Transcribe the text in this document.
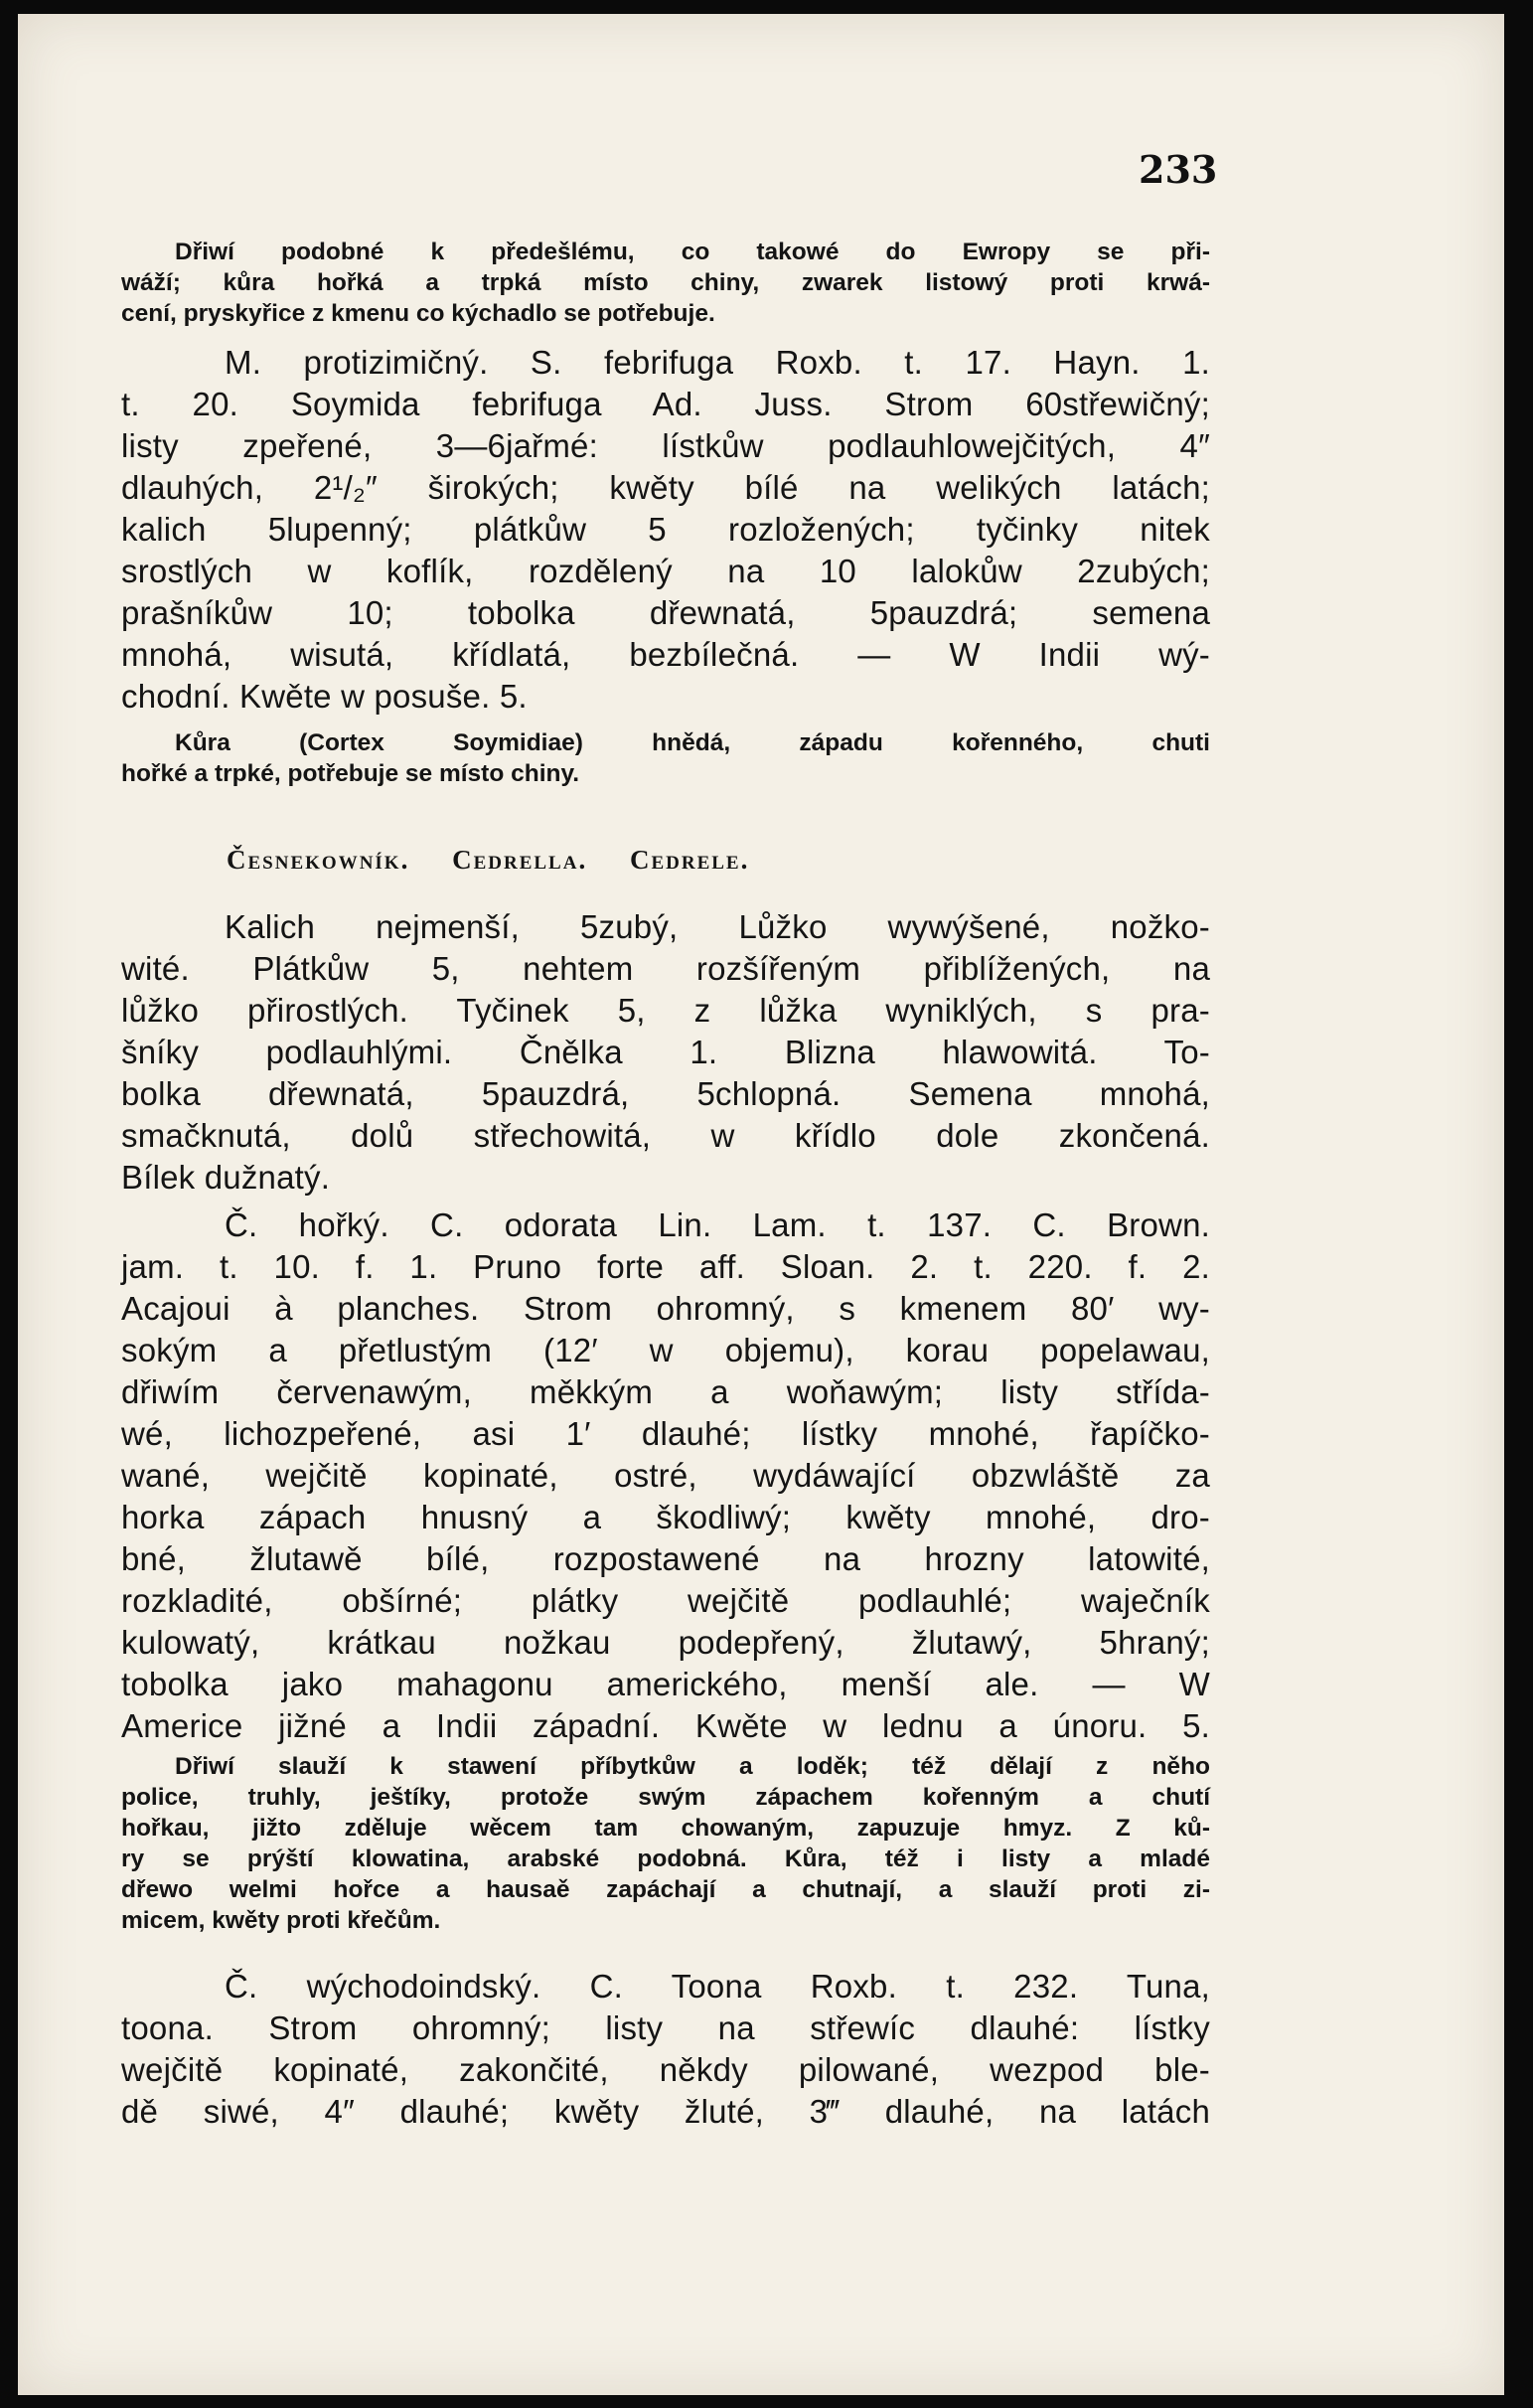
233
Dřiwí podobné k předešlému, co takowé do Ewropy se při-
wáží; kůra hořká a trpká místo chiny, zwarek listowý proti krwá-
cení, pryskyřice z kmenu co kýchadlo se potřebuje.
M. protizimičný. S. febrifuga Roxb. t. 17. Hayn. 1.
t. 20. Soymida febrifuga Ad. Juss. Strom 60střewičný;
listy zpeřené, 3—6jařmé: lístkůw podlauhlowejčitých, 4″
dlauhých, 2¹/₂″ širokých; kwěty bílé na welikých latách;
kalich 5lupenný; plátkůw 5 rozložených; tyčinky nitek
srostlých w koflík, rozdělený na 10 lalokůw 2zubých;
prašníkůw 10; tobolka dřewnatá, 5pauzdrá; semena
mnohá, wisutá, křídlatá, bezbílečná. — W Indii wý-
chodní. Kwěte w posuše. 5.
Kůra (Cortex Soymidiae) hnědá, západu kořenného, chuti
hořké a trpké, potřebuje se místo chiny.
Česnekowník. Cedrella. Cedrele.
Kalich nejmenší, 5zubý, Lůžko wywýšené, nožko-
wité. Plátkůw 5, nehtem rozšířeným přiblížených, na
lůžko přirostlých. Tyčinek 5, z lůžka wyniklých, s pra-
šníky podlauhlými. Čnělka 1. Blizna hlawowitá. To-
bolka dřewnatá, 5pauzdrá, 5chlopná. Semena mnohá,
smačknutá, dolů střechowitá, w křídlo dole zkončená.
Bílek dužnatý.
Č. hořký. C. odorata Lin. Lam. t. 137. C. Brown.
jam. t. 10. f. 1. Pruno forte aff. Sloan. 2. t. 220. f. 2.
Acajoui à planches. Strom ohromný, s kmenem 80′ wy-
sokým a přetlustým (12′ w objemu), korau popelawau,
dřiwím červenawým, měkkým a woňawým; listy střída-
wé, lichozpeřené, asi 1′ dlauhé; lístky mnohé, řapíčko-
wané, wejčitě kopinaté, ostré, wydáwající obzwláště za
horka zápach hnusný a škodliwý; kwěty mnohé, dro-
bné, žlutawě bílé, rozpostawené na hrozny latowité,
rozkladité, obšírné; plátky wejčitě podlauhlé; waječník
kulowatý, krátkau nožkau podepřený, žlutawý, 5hraný;
tobolka jako mahagonu amerického, menší ale. — W
Americe jižné a Indii západní. Kwěte w lednu a únoru. 5.
Dřiwí slauží k stawení příbytkůw a loděk; též dělají z něho
police, truhly, ještíky, protože swým zápachem kořenným a chutí
hořkau, jižto zděluje wěcem tam chowaným, zapuzuje hmyz. Z ků-
ry se prýští klowatina, arabské podobná. Kůra, též i listy a mladé
dřewo welmi hořce a hausaě zapáchají a chutnají, a slauží proti zi-
micem, kwěty proti křečům.
Č. wýchodoindský. C. Toona Roxb. t. 232. Tuna,
toona. Strom ohromný; listy na střewíc dlauhé: lístky
wejčitě kopinaté, zakončité, někdy pilowané, wezpod ble-
dě siwé, 4″ dlauhé; kwěty žluté, 3‴ dlauhé, na latách
